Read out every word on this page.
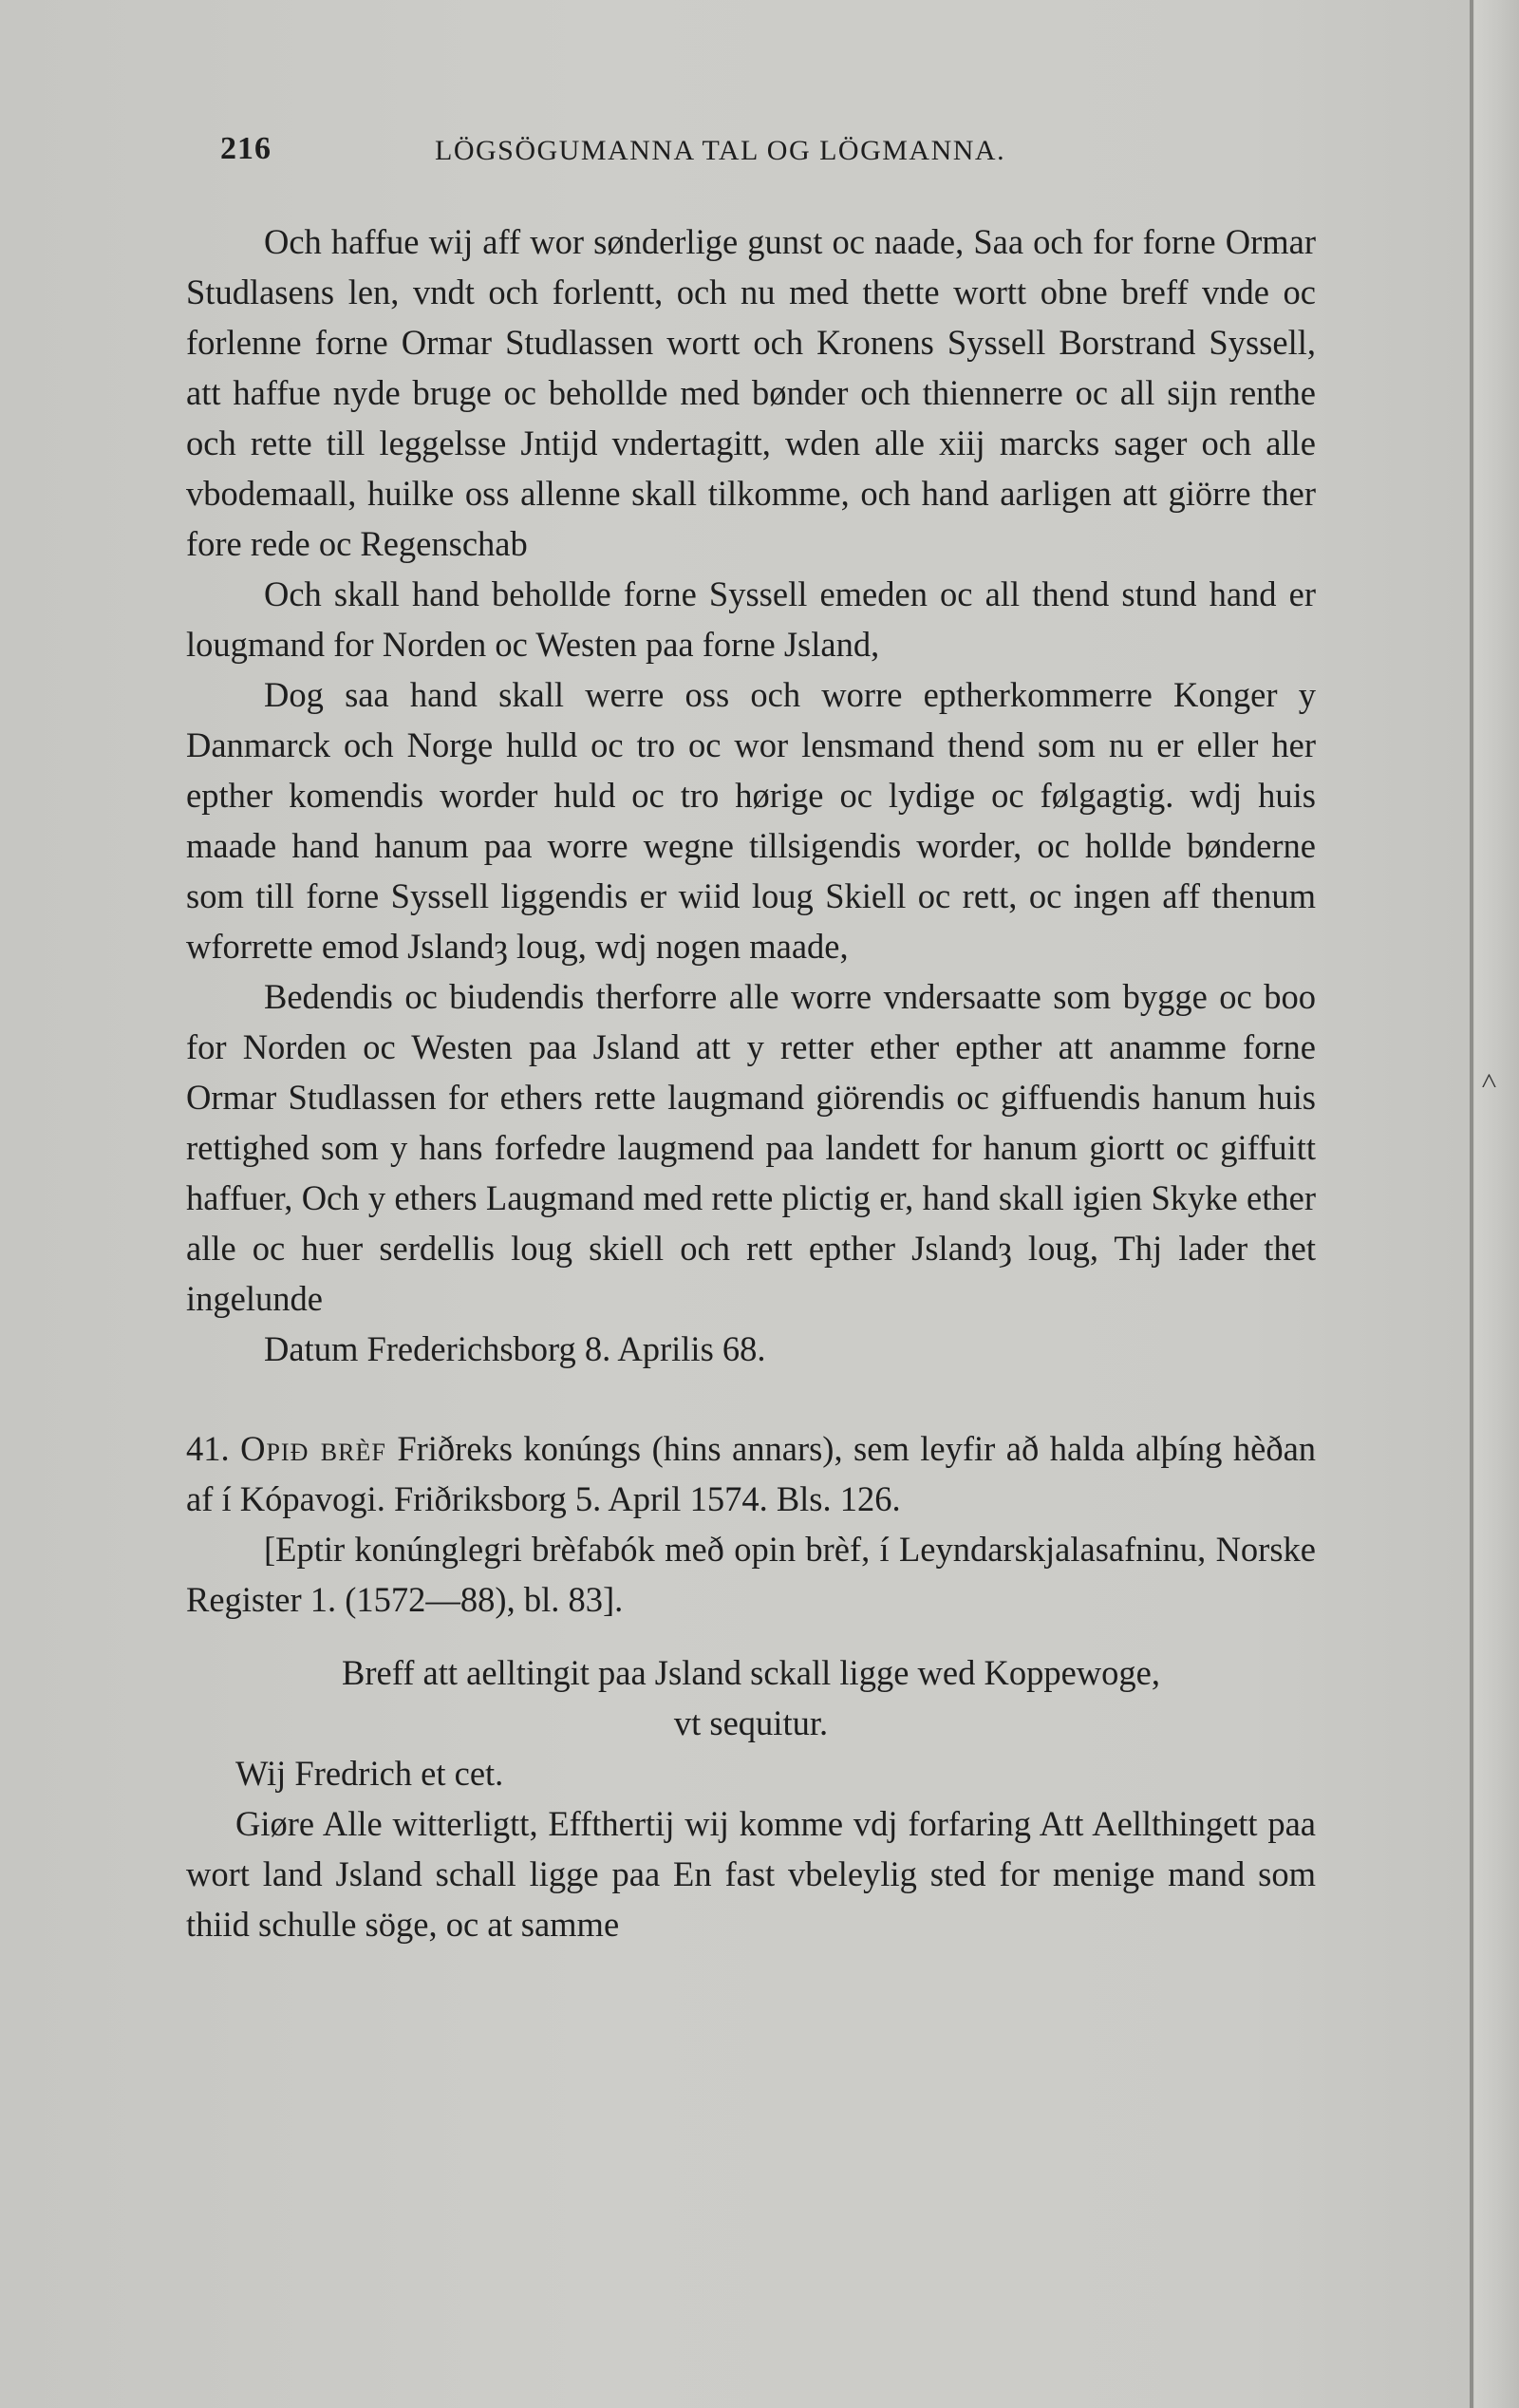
˄
216	LÖGSÖGUMANNA TAL OG LÖGMANNA.

Och haffue wij aff wor sønderlige gunst oc naade, Saa och for forne Ormar Studlasens len, vndt och forlentt, och nu med thette wortt obne breff vnde oc forlenne forne Ormar Studlassen wortt och Kronens Syssell Borstrand Syssell, att haffue nyde bruge oc behollde med bønder och thiennerre oc all sijn renthe och rette till leggelsse Jntijd vndertagitt, wden alle xiij marcks sager och alle vbodemaall, huilke oss allenne skall tilkomme, och hand aarligen att giörre ther fore rede oc Regenschab

Och skall hand behollde forne Syssell emeden oc all thend stund hand er lougmand for Norden oc Westen paa forne Jsland,

Dog saa hand skall werre oss och worre eptherkommerre Konger y Danmarck och Norge hulld oc tro oc wor lensmand thend som nu er eller her epther komendis worder huld oc tro hørige oc lydige oc følgagtig. wdj huis maade hand hanum paa worre wegne tillsigendis worder, oc hollde bønderne som till forne Syssell liggendis er wiid loug Skiell oc rett, oc ingen aff thenum wforrette emod Jslandȝ loug, wdj nogen maade,

Bedendis oc biudendis therforre alle worre vndersaatte som bygge oc boo for Norden oc Westen paa Jsland att y retter ether epther att anamme forne Ormar Studlassen for ethers rette laugmand giörendis oc giffuendis hanum huis rettighed som y hans forfedre laugmend paa landett for hanum giortt oc giffuitt haffuer, Och y ethers Laugmand med rette plictig er, hand skall igien Skyke ether alle oc huer serdellis loug skiell och rett epther Jslandȝ loug, Thj lader thet ingelunde

Datum Frederichsborg 8. Aprilis 68.

41. Opið brèf Friðreks konúngs (hins annars), sem leyfir að halda alþíng hèðan af í Kópavogi. Friðriksborg 5. April 1574. Bls. 126.

[Eptir konúnglegri brèfabók með opin brèf, í Leyndarskjalasafninu, Norske Register 1. (1572—88), bl. 83].

Breff att aelltingit paa Jsland sckall ligge wed Koppewoge,

vt sequitur.

Wij Fredrich et cet.

Giøre Alle witterligtt, Effthertij wij komme vdj forfaring Att Aellthingett paa wort land Jsland schall ligge paa En fast vbeleylig sted for menige mand som thiid schulle söge, oc at samme
